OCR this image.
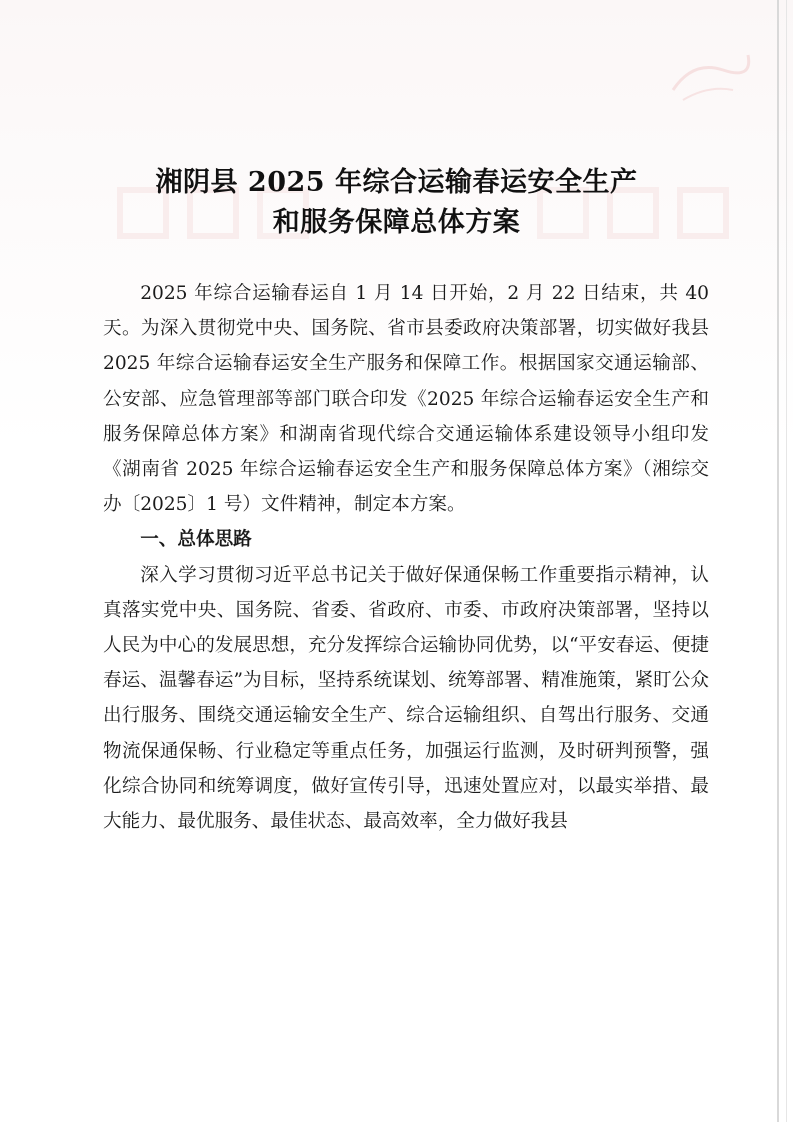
湘阴县 2025 年综合运输春运安全生产
和服务保障总体方案

2025 年综合运输春运自 1 月 14 日开始，2 月 22 日结束，共 40 天。为深入贯彻党中央、国务院、省市县委政府决策部署，切实做好我县 2025 年综合运输春运安全生产服务和保障工作。根据国家交通运输部、公安部、应急管理部等部门联合印发《2025 年综合运输春运安全生产和服务保障总体方案》和湖南省现代综合交通运输体系建设领导小组印发《湖南省 2025 年综合运输春运安全生产和服务保障总体方案》（湘综交办〔2025〕1 号）文件精神，制定本方案。

一、总体思路

深入学习贯彻习近平总书记关于做好保通保畅工作重要指示精神，认真落实党中央、国务院、省委、省政府、市委、市政府决策部署，坚持以人民为中心的发展思想，充分发挥综合运输协同优势，以“平安春运、便捷春运、温馨春运”为目标，坚持系统谋划、统筹部署、精准施策，紧盯公众出行服务、围绕交通运输安全生产、综合运输组织、自驾出行服务、交通物流保通保畅、行业稳定等重点任务，加强运行监测，及时研判预警，强化综合协同和统筹调度，做好宣传引导，迅速处置应对，以最实举措、最大能力、最优服务、最佳状态、最高效率，全力做好我县
